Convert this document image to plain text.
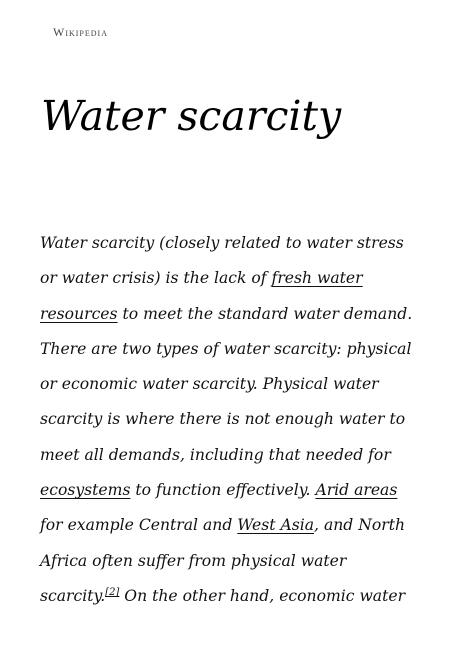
Wikipedia
Water scarcity
Water scarcity (closely related to water stress
or water crisis) is the lack of fresh water
resources to meet the standard water demand.
There are two types of water scarcity: physical
or economic water scarcity. Physical water
scarcity is where there is not enough water to
meet all demands, including that needed for
ecosystems to function effectively. Arid areas
for example Central and West Asia, and North
Africa often suffer from physical water
scarcity.[2] On the other hand, economic water
